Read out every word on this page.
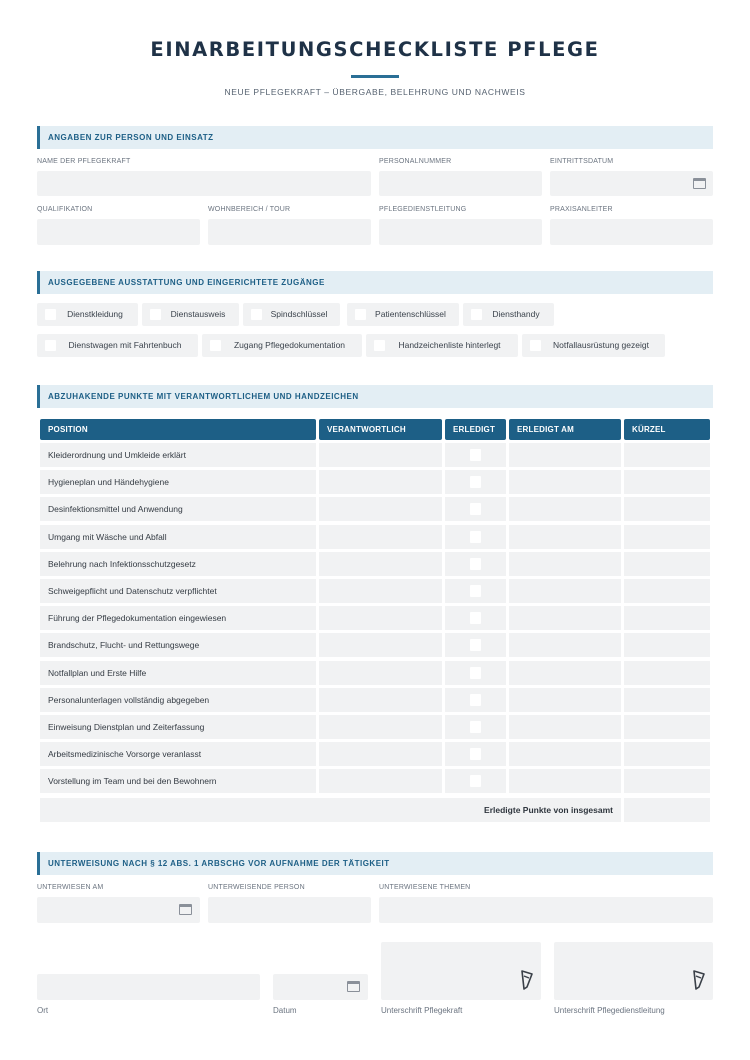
EINARBEITUNGSCHECKLISTE PFLEGE
NEUE PFLEGEKRAFT – ÜBERGABE, BELEHRUNG UND NACHWEIS
ANGABEN ZUR PERSON UND EINSATZ
NAME DER PFLEGEKRAFT	PERSONALNUMMER	EINTRITTSDATUM
QUALIFIKATION	WOHNBEREICH / TOUR	PFLEGEDIENSTLEITUNG	PRAXISANLEITER
AUSGEGEBENE AUSSTATTUNG UND EINGERICHTETE ZUGÄNGE
Dienstkleidung	Dienstausweis	Spindschlüssel	Patientenschlüssel	Diensthandy
Dienstwagen mit Fahrtenbuch	Zugang Pflegedokumentation	Handzeichenliste hinterlegt	Notfallausrüstung gezeigt
ABZUHAKENDE PUNKTE MIT VERANTWORTLICHEM UND HANDZEICHEN
POSITION	VERANTWORTLICH	ERLEDIGT	ERLEDIGT AM	KÜRZEL
Kleiderordnung und Umkleide erklärt
Hygieneplan und Händehygiene
Desinfektionsmittel und Anwendung
Umgang mit Wäsche und Abfall
Belehrung nach Infektionsschutzgesetz
Schweigepflicht und Datenschutz verpflichtet
Führung der Pflegedokumentation eingewiesen
Brandschutz, Flucht- und Rettungswege
Notfallplan und Erste Hilfe
Personalunterlagen vollständig abgegeben
Einweisung Dienstplan und Zeiterfassung
Arbeitsmedizinische Vorsorge veranlasst
Vorstellung im Team und bei den Bewohnern
Erledigte Punkte von insgesamt
UNTERWEISUNG NACH § 12 ABS. 1 ARBSCHG VOR AUFNAHME DER TÄTIGKEIT
UNTERWIESEN AM	UNTERWEISENDE PERSON	UNTERWIESENE THEMEN
Ort	Datum	Unterschrift Pflegekraft	Unterschrift Pflegedienstleitung
